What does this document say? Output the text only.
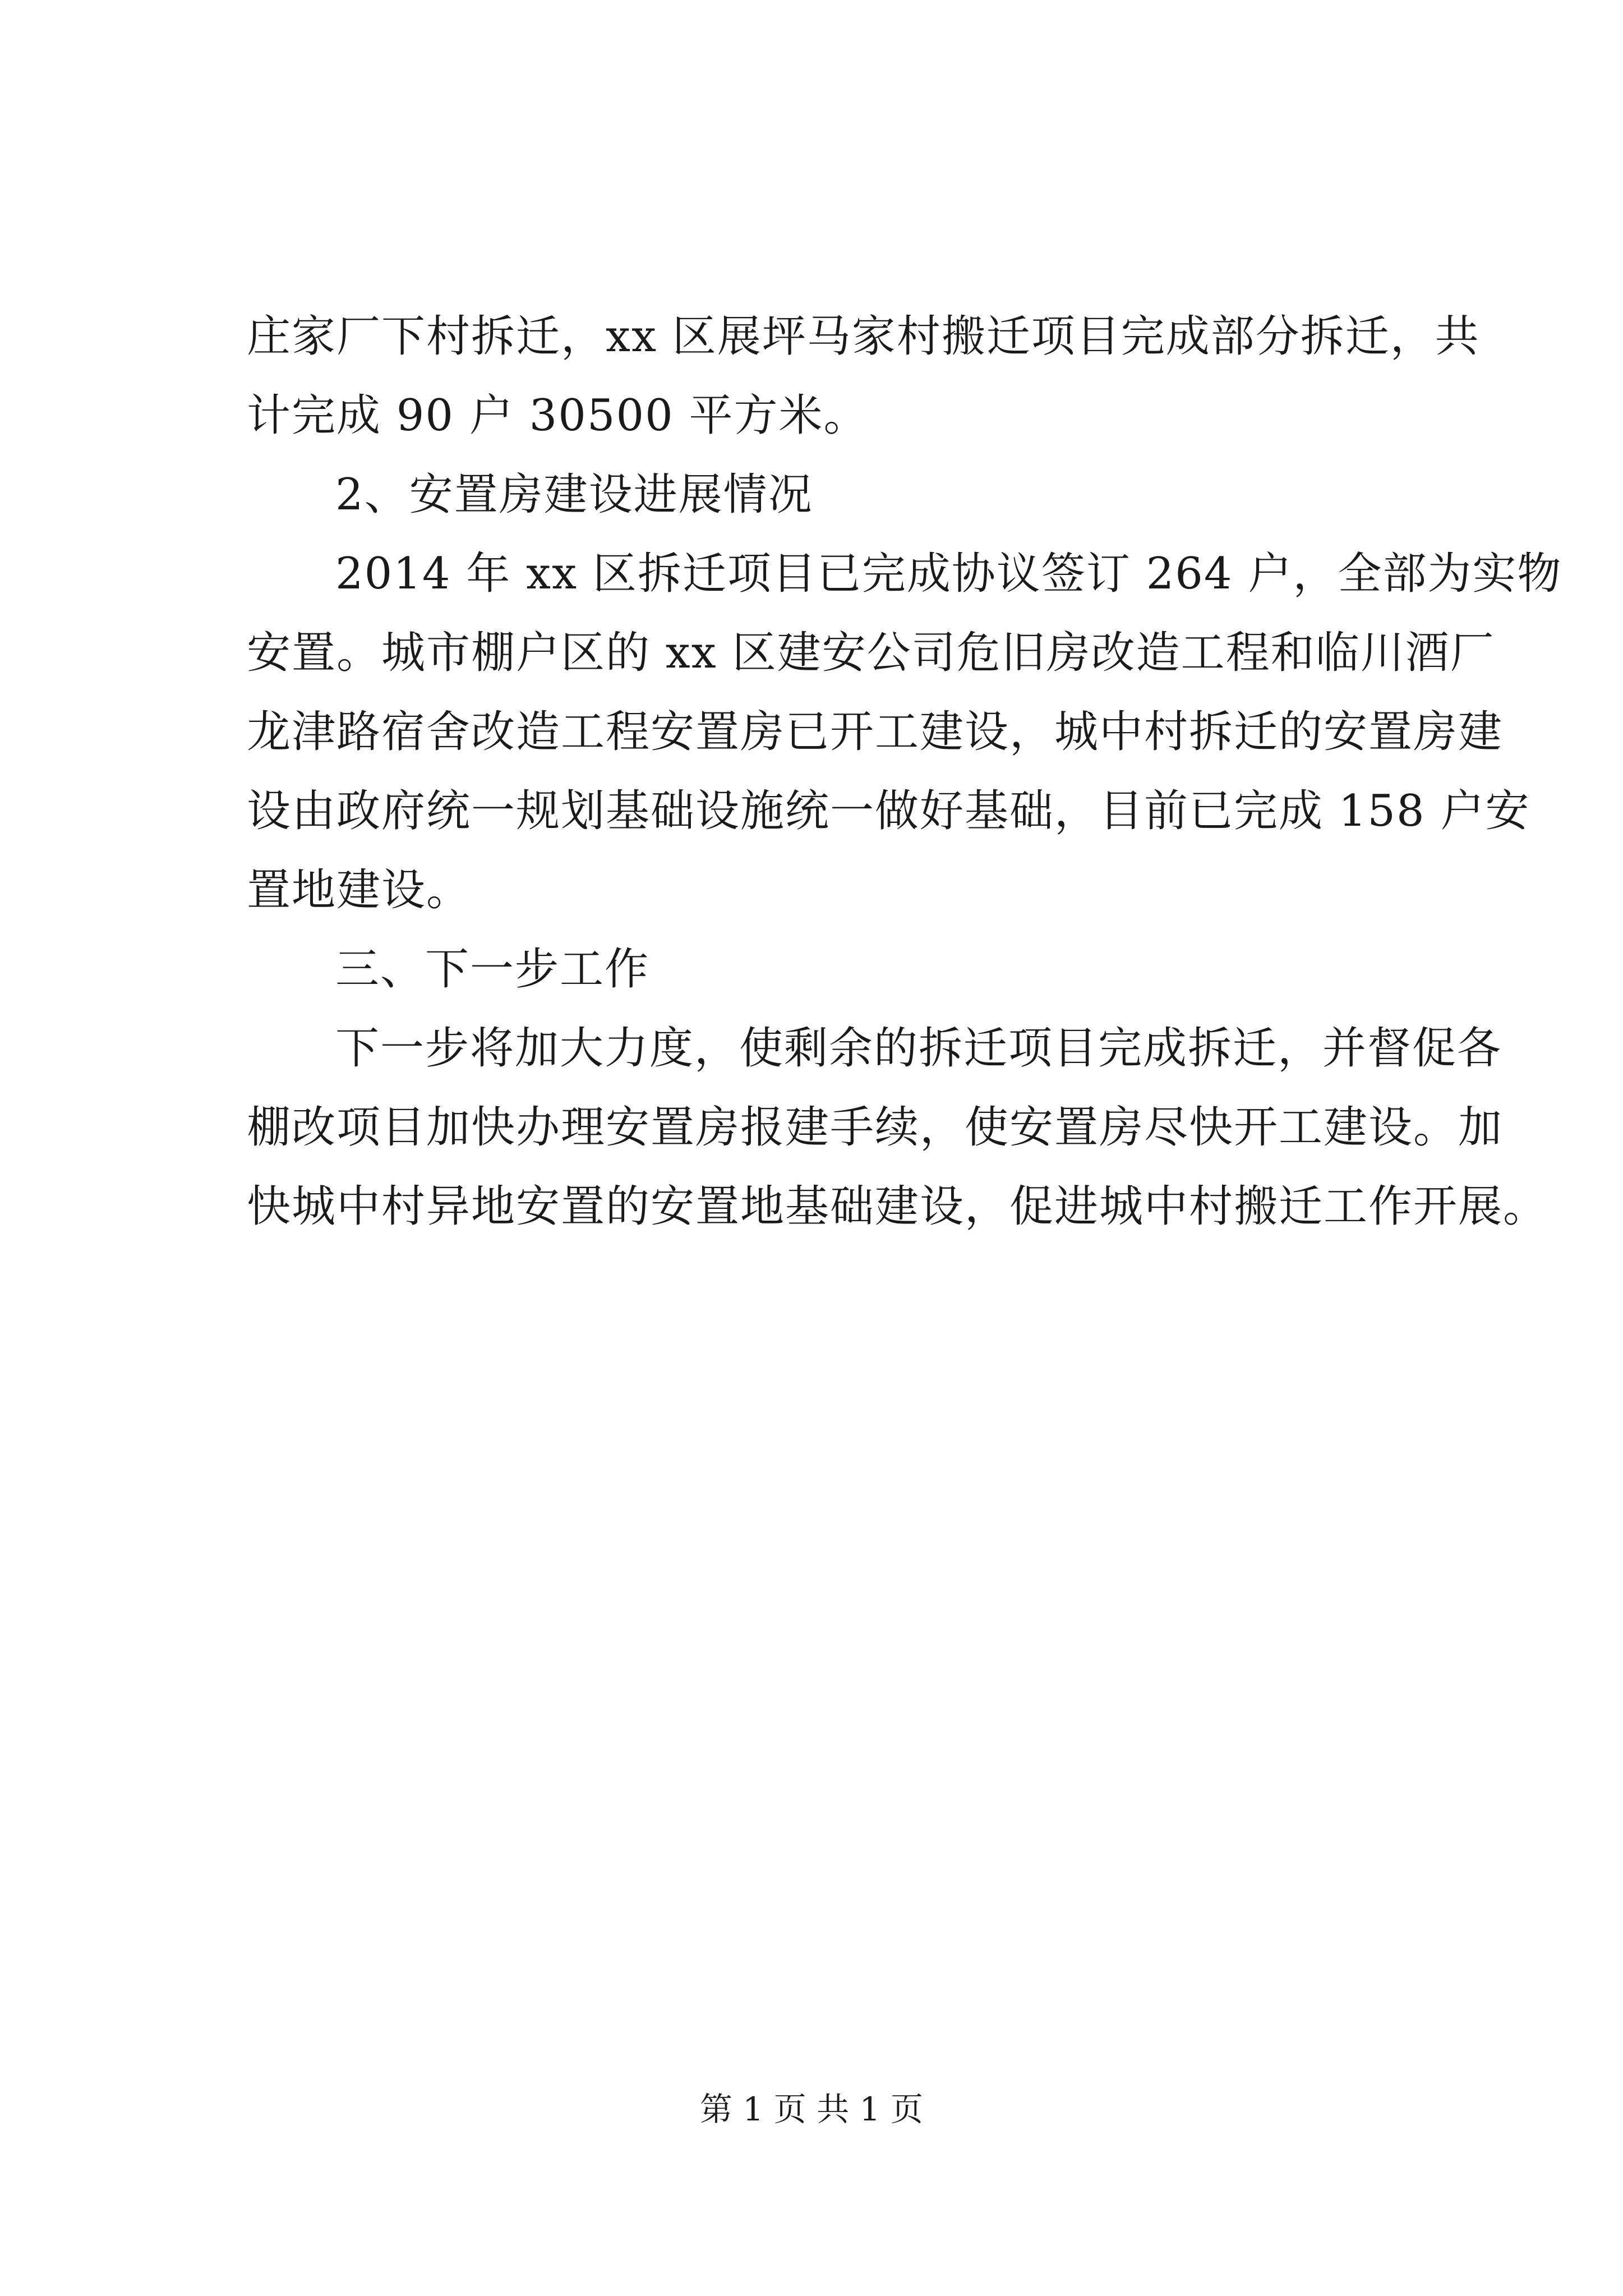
庄家厂下村拆迁，xx 区展坪马家村搬迁项目完成部分拆迁，共
计完成 90 户 30500 平方米。
2、安置房建设进展情况
2014 年 xx 区拆迁项目已完成协议签订 264 户，全部为实物
安置。城市棚户区的 xx 区建安公司危旧房改造工程和临川酒厂
龙津路宿舍改造工程安置房已开工建设，城中村拆迁的安置房建
设由政府统一规划基础设施统一做好基础，目前已完成 158 户安
置地建设。
三、下一步工作
下一步将加大力度，使剩余的拆迁项目完成拆迁，并督促各
棚改项目加快办理安置房报建手续，使安置房尽快开工建设。加
快城中村异地安置的安置地基础建设，促进城中村搬迁工作开展。
第 1 页 共 1 页
